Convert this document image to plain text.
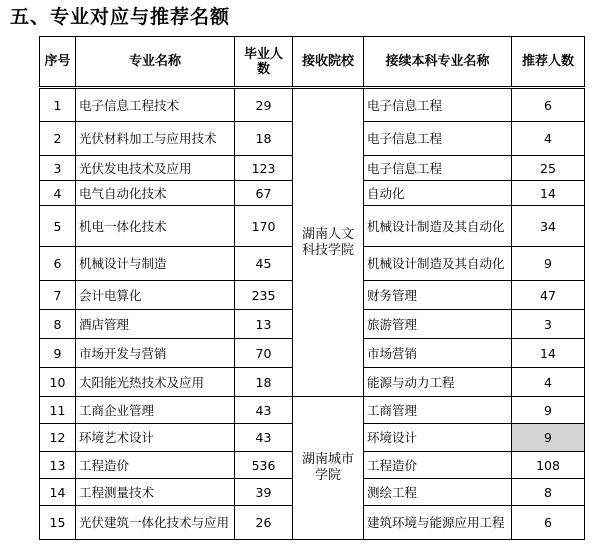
五、专业对应与推荐名额
序号	专业名称	毕业人数	接收院校	接续本科专业名称	推荐人数
1	电子信息工程技术	29	湖南人文科技学院	电子信息工程	6
2	光伏材料加工与应用技术	18		电子信息工程	4
3	光伏发电技术及应用	123		电子信息工程	25
4	电气自动化技术	67		自动化	14
5	机电一体化技术	170		机械设计制造及其自动化	34
6	机械设计与制造	45		机械设计制造及其自动化	9
7	会计电算化	235		财务管理	47
8	酒店管理	13		旅游管理	3
9	市场开发与营销	70		市场营销	14
10	太阳能光热技术及应用	18		能源与动力工程	4
11	工商企业管理	43	湖南城市学院	工商管理	9
12	环境艺术设计	43		环境设计	9
13	工程造价	536		工程造价	108
14	工程测量技术	39		测绘工程	8
15	光伏建筑一体化技术与应用	26		建筑环境与能源应用工程	6
